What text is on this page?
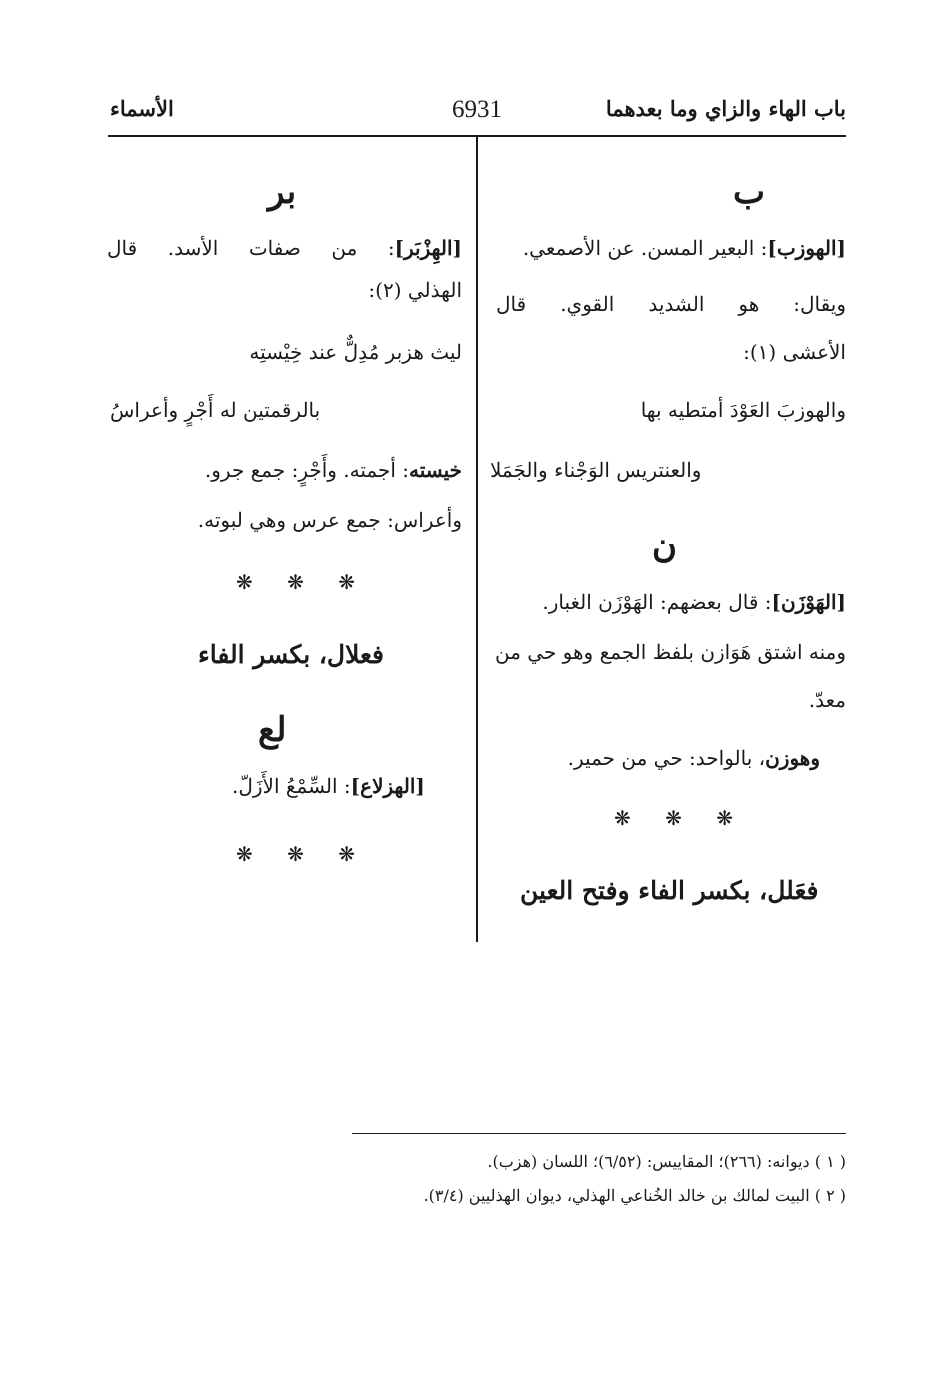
باب الهاء والزاي وما بعدهما
6931
الأسماء
ب
[الهوزب]: البعير المسن. عن الأصمعي.
ويقال: هو الشديد القوي. قال
الأعشى (١):
والهوزبَ العَوْدَ أمتطيه بها
والعنتريس الوَجْناء والجَمَلا
ن
[الهَوْزَن]: قال بعضهم: الهَوْزَن الغبار.
ومنه اشتق هَوَازن بلفظ الجمع وهو حي من
معدّ.
وهوزن، بالواحد: حي من حمير.
❋ ❋ ❋
فعَلل، بكسر الفاء وفتح العين
بر
[الهِزْبَر]: من صفات الأسد. قال
الهذلي (٢):
ليث هزبر مُدِلٌّ عند خِيْستِه
بالرقمتين له أَجْرٍ وأعراسُ
خيسته: أجمته. وأَجْرٍ: جمع جرو.
وأعراس: جمع عرس وهي لبوته.
❋ ❋ ❋
فعلال، بكسر الفاء
لع
[الهزلاع]: السِّمْعُ الأَزَلّ.
❋ ❋ ❋
( ١ ) ديوانه: (٢٦٦)؛ المقاييس: (٦/٥٢)؛ اللسان (هزب).
( ٢ ) البيت لمالك بن خالد الخُناعي الهذلي، ديوان الهذليين (٣/٤).
